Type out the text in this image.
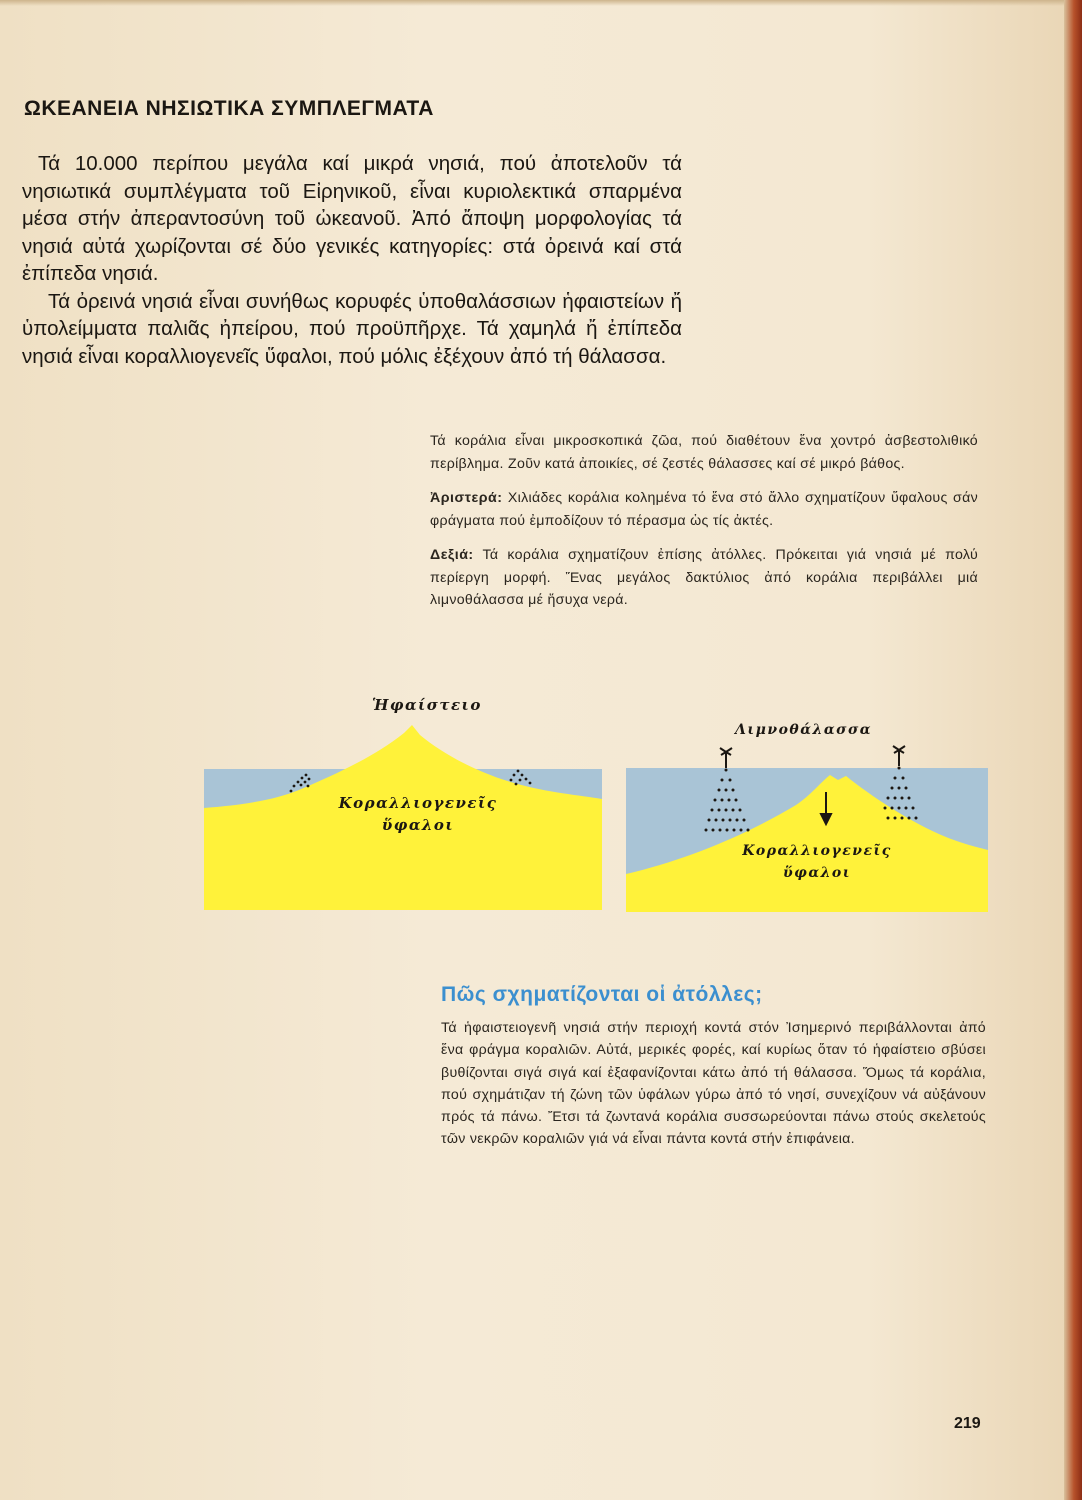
ΩΚΕΑΝΕΙΑ ΝΗΣΙΩΤΙΚΑ ΣΥΜΠΛΕΓΜΑΤΑ

Τά 10.000 περίπου μεγάλα καί μικρά νησιά, πού ἀποτελοῦν τά νησιωτικά συμπλέγματα τοῦ Εἰρηνικοῦ, εἶναι κυριολεκτικά σπαρμένα μέσα στήν ἀπεραντοσύνη τοῦ ὠκεανοῦ. Ἀπό ἄποψη μορφολογίας τά νησιά αὐτά χωρίζονται σέ δύο γενικές κατηγορίες: στά ὀρεινά καί στά ἐπίπεδα νησιά.

Τά ὀρεινά νησιά εἶναι συνήθως κορυφές ὑποθαλάσσιων ἡφαιστείων ἤ ὑπολείμματα παλιᾶς ἠπείρου, πού προϋπῆρχε. Τά χαμηλά ἤ ἐπίπεδα νησιά εἶναι κοραλλιογενεῖς ὕφαλοι, πού μόλις ἐξέχουν ἀπό τή θάλασσα.

Τά κοράλια εἶναι μικροσκοπικά ζῶα, πού διαθέτουν ἕνα χοντρό ἀσβεστολιθικό περίβλημα. Ζοῦν κατά ἀποικίες, σέ ζεστές θάλασσες καί σέ μικρό βάθος.

Ἀριστερά: Χιλιάδες κοράλια κολημένα τό ἕνα στό ἄλλο σχηματίζουν ὕφαλους σάν φράγματα πού ἐμποδίζουν τό πέρασμα ὡς τίς ἀκτές.

Δεξιά: Τά κοράλια σχηματίζουν ἐπίσης ἀτόλλες. Πρόκειται γιά νησιά μέ πολύ περίεργη μορφή. Ἕνας μεγάλος δακτύλιος ἀπό κοράλια περιβάλλει μιά λιμνοθάλασσα μέ ἥσυχα νερά.

Ἡφαίστειο
Κοραλλιογενεῖς
ὕφαλοι
Λιμνοθάλασσα
Κοραλλιογενεῖς
ὕφαλοι
Πῶς σχηματίζονται οἱ ἀτόλλες;

Τά ἡφαιστειογενῆ νησιά στήν περιοχή κοντά στόν Ἰσημερινό περιβάλλονται ἀπό ἕνα φράγμα κοραλιῶν. Αὐτά, μερικές φορές, καί κυρίως ὅταν τό ἡφαίστειο σβύσει βυθίζονται σιγά σιγά καί ἐξαφανίζονται κάτω ἀπό τή θάλασσα. Ὅμως τά κοράλια, πού σχημάτιζαν τή ζώνη τῶν ὑφάλων γύρω ἀπό τό νησί, συνεχίζουν νά αὐξάνουν πρός τά πάνω. Ἔτσι τά ζωντανά κοράλια συσσωρεύονται πάνω στούς σκελετούς τῶν νεκρῶν κοραλιῶν γιά νά εἶναι πάντα κοντά στήν ἐπιφάνεια.

219
